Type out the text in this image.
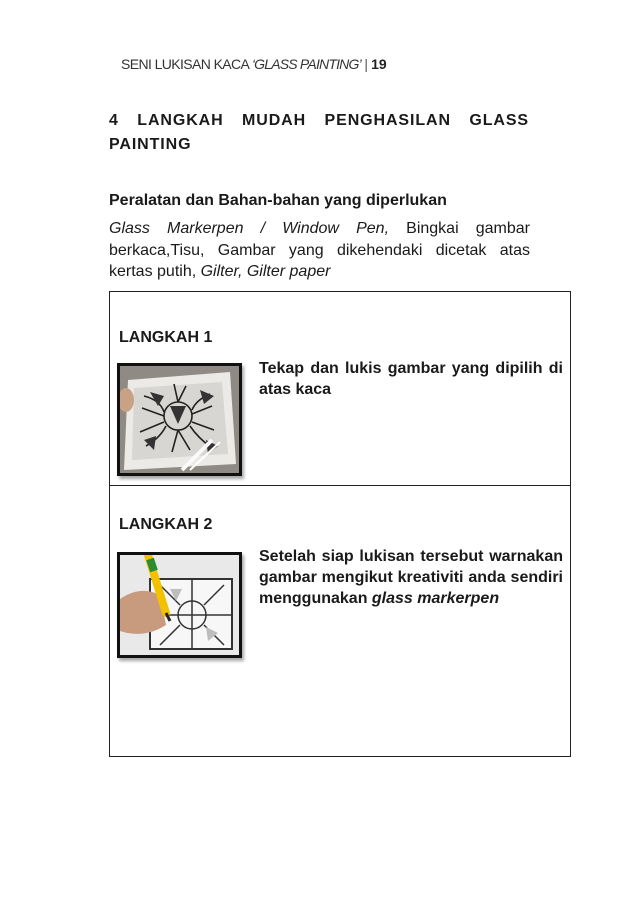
SENI LUKISAN KACA ‘GLASS PAINTING’ | 19
4 LANGKAH MUDAH PENGHASILAN GLASS PAINTING
Peralatan dan Bahan-bahan yang diperlukan
Glass Markerpen / Window Pen, Bingkai gambar berkaca,Tisu, Gambar yang dikehendaki dicetak atas kertas putih, Gilter, Gilter paper
LANGKAH 1
Tekap dan lukis gambar yang dipilih di atas kaca
LANGKAH 2
Setelah siap lukisan tersebut warnakan gambar mengikut kreativiti anda sendiri menggunakan glass markerpen
